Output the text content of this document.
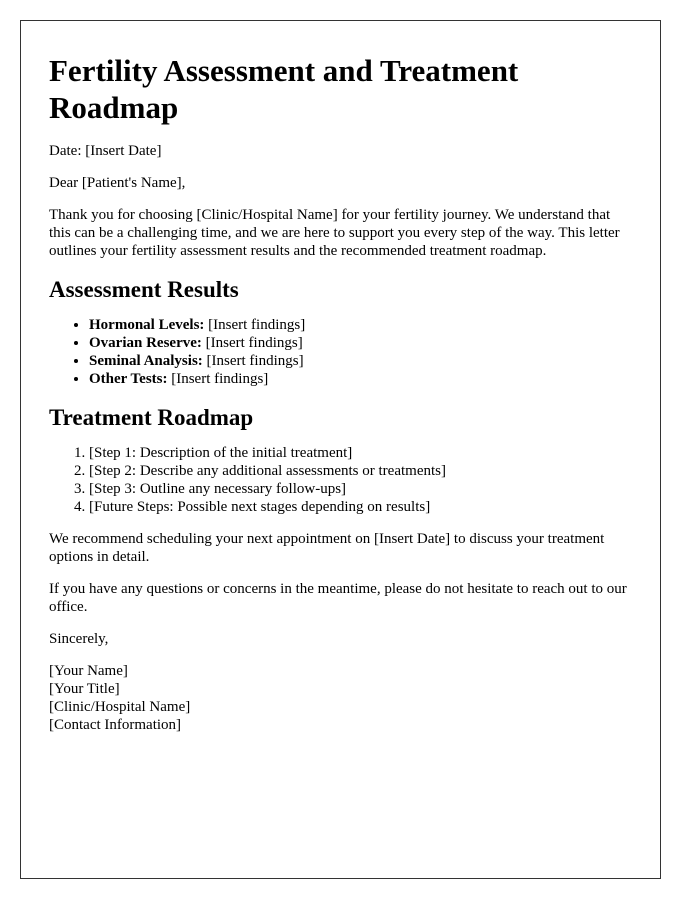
Fertility Assessment and Treatment Roadmap

Date: [Insert Date]

Dear [Patient's Name],

Thank you for choosing [Clinic/Hospital Name] for your fertility journey. We understand that this can be a challenging time, and we are here to support you every step of the way. This letter outlines your fertility assessment results and the recommended treatment roadmap.

Assessment Results
• Hormonal Levels: [Insert findings]
• Ovarian Reserve: [Insert findings]
• Seminal Analysis: [Insert findings]
• Other Tests: [Insert findings]
Treatment Roadmap
1. [Step 1: Description of the initial treatment]
2. [Step 2: Describe any additional assessments or treatments]
3. [Step 3: Outline any necessary follow-ups]
4. [Future Steps: Possible next stages depending on results]

We recommend scheduling your next appointment on [Insert Date] to discuss your treatment options in detail.

If you have any questions or concerns in the meantime, please do not hesitate to reach out to our office.

Sincerely,

[Your Name]
[Your Title]
[Clinic/Hospital Name]
[Contact Information]
